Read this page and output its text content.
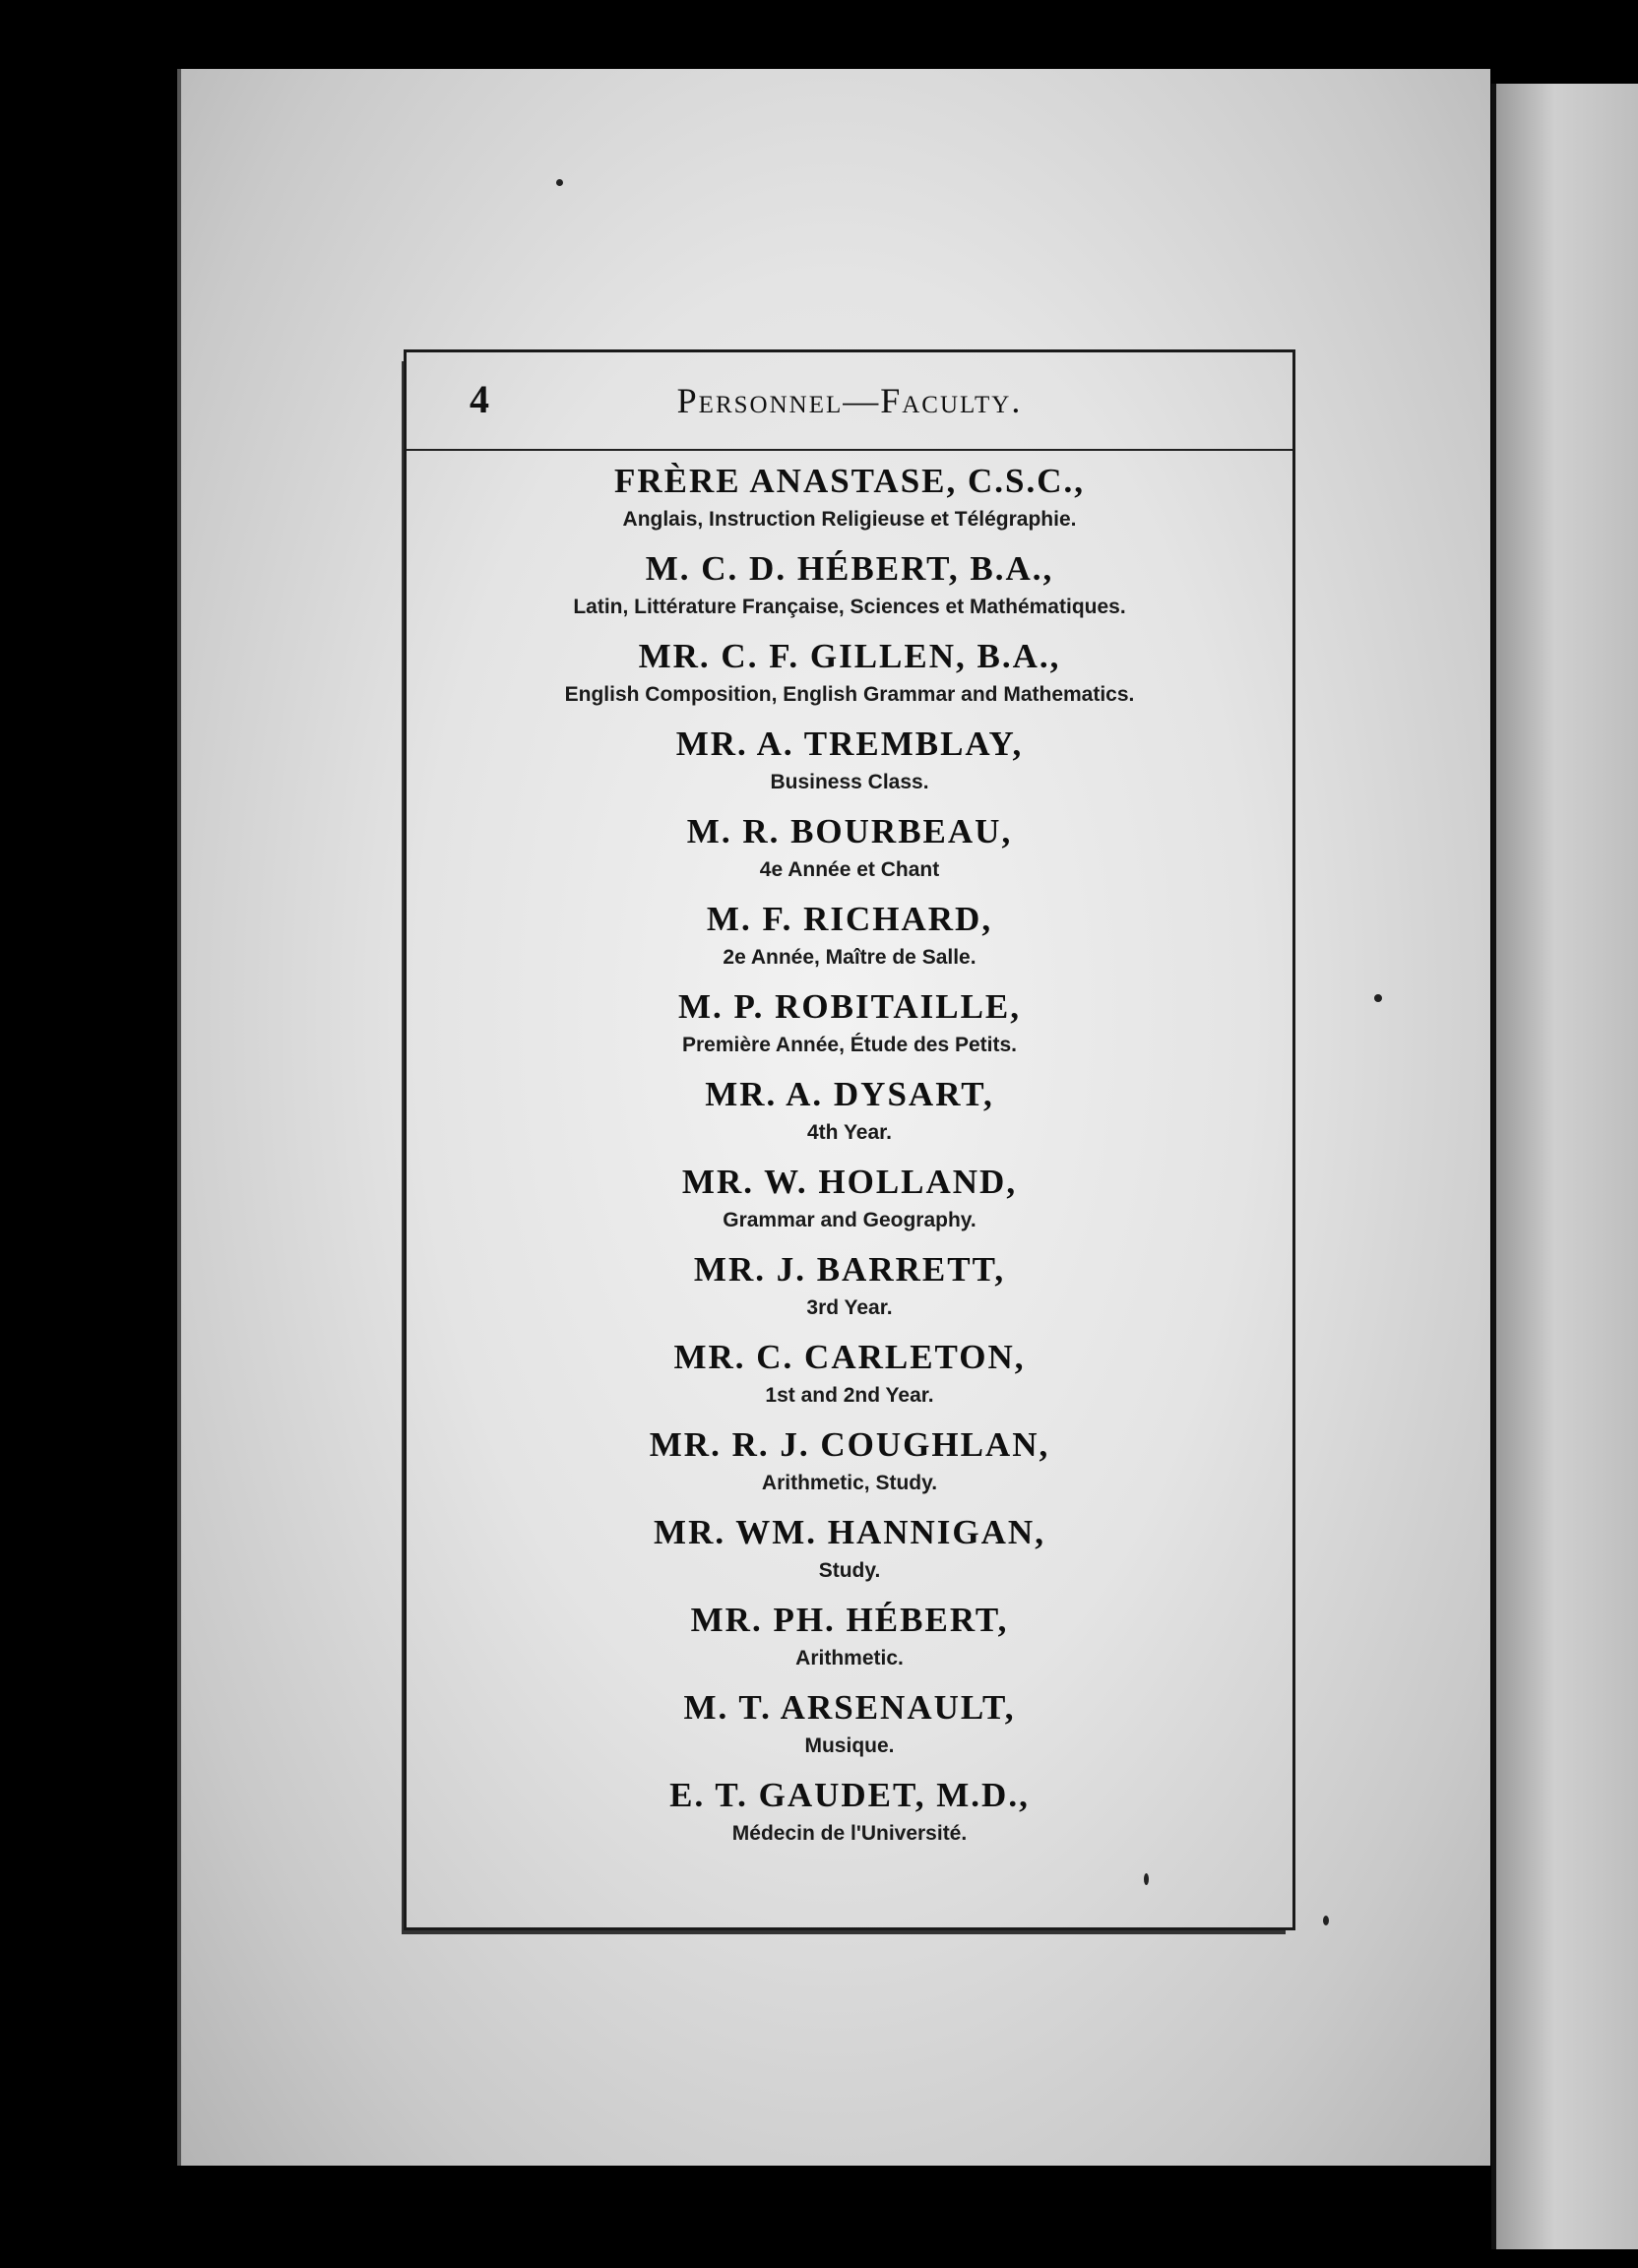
4	Personnel—Faculty.
FRÈRE ANASTASE, C.S.C.,
Anglais, Instruction Religieuse et Télégraphie.
M. C. D. HÉBERT, B.A.,
Latin, Littérature Française, Sciences et Mathématiques.
MR. C. F. GILLEN, B.A.,
English Composition, English Grammar and Mathematics.
MR. A. TREMBLAY,
Business Class.
M. R. BOURBEAU,
4e Année et Chant
M. F. RICHARD,
2e Année, Maître de Salle.
M. P. ROBITAILLE,
Première Année, Étude des Petits.
MR. A. DYSART,
4th Year.
MR. W. HOLLAND,
Grammar and Geography.
MR. J. BARRETT,
3rd Year.
MR. C. CARLETON,
1st and 2nd Year.
MR. R. J. COUGHLAN,
Arithmetic, Study.
MR. WM. HANNIGAN,
Study.
MR. PH. HÉBERT,
Arithmetic.
M. T. ARSENAULT,
Musique.
E. T. GAUDET, M.D.,
Médecin de l'Université.
